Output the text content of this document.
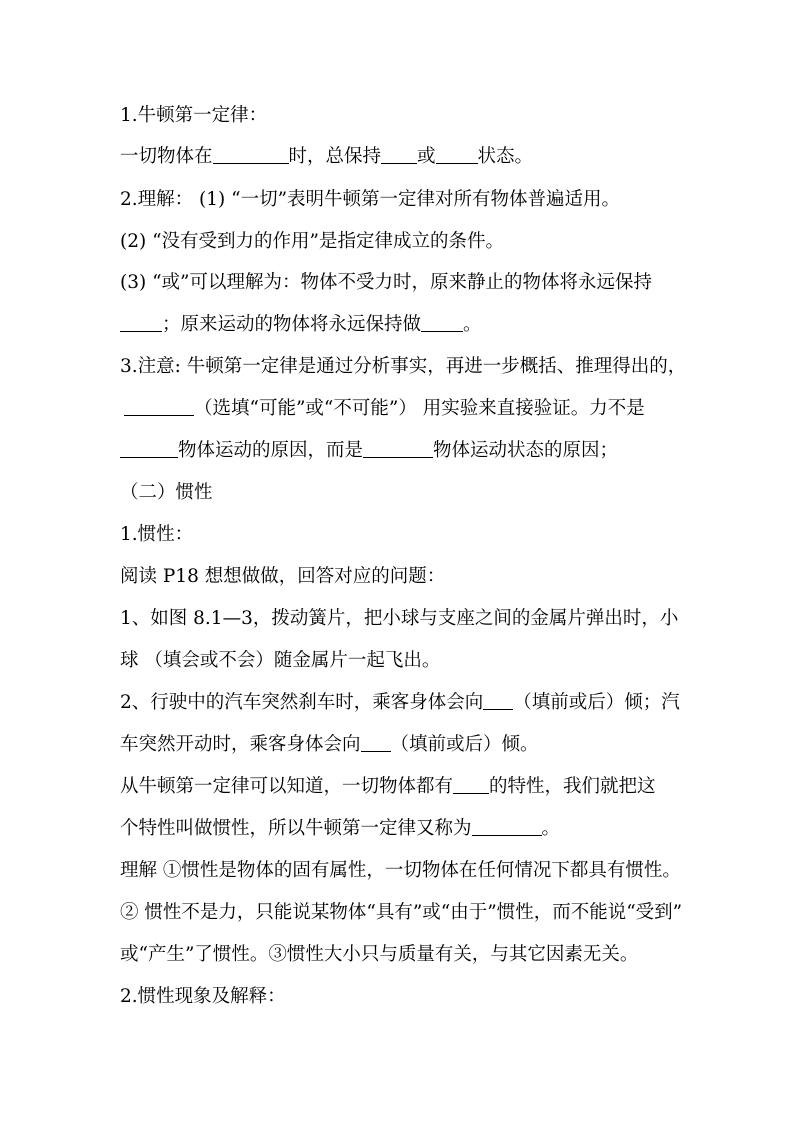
1.牛顿第一定律：
一切物体在	时，总保持 或 状态。
2.理解： (1) “一切”表明牛顿第一定律对所有物体普遍适用。
(2) “没有受到力的作用”是指定律成立的条件。
(3) “或”可以理解为：物体不受力时，原来静止的物体将永远保持
；原来运动的物体将永远保持做 。
3.注意: 牛顿第一定律是通过分析事实，再进一步概括、推理得出的，
（选填“可能”或“不可能”） 用实验来直接验证。力不是
物体运动的原因，而是	物体运动状态的原因；
（二）惯性
1.惯性：
阅读 P18 想想做做，回答对应的问题：
1、如图 8.1—3，拨动簧片，把小球与支座之间的金属片弹出时，小
球 （填会或不会）随金属片一起飞出。
2、行驶中的汽车突然刹车时，乘客身体会向 （填前或后）倾；汽
车突然开动时，乘客身体会向 （填前或后）倾。
从牛顿第一定律可以知道，一切物体都有 的特性，我们就把这
个特性叫做惯性，所以牛顿第一定律又称为	。
理解 ①惯性是物体的固有属性，一切物体在任何情况下都具有惯性。
② 惯性不是力，只能说某物体“具有”或“由于”惯性，而不能说“受到”
或“产生”了惯性。③惯性大小只与质量有关，与其它因素无关。
2.惯性现象及解释：
